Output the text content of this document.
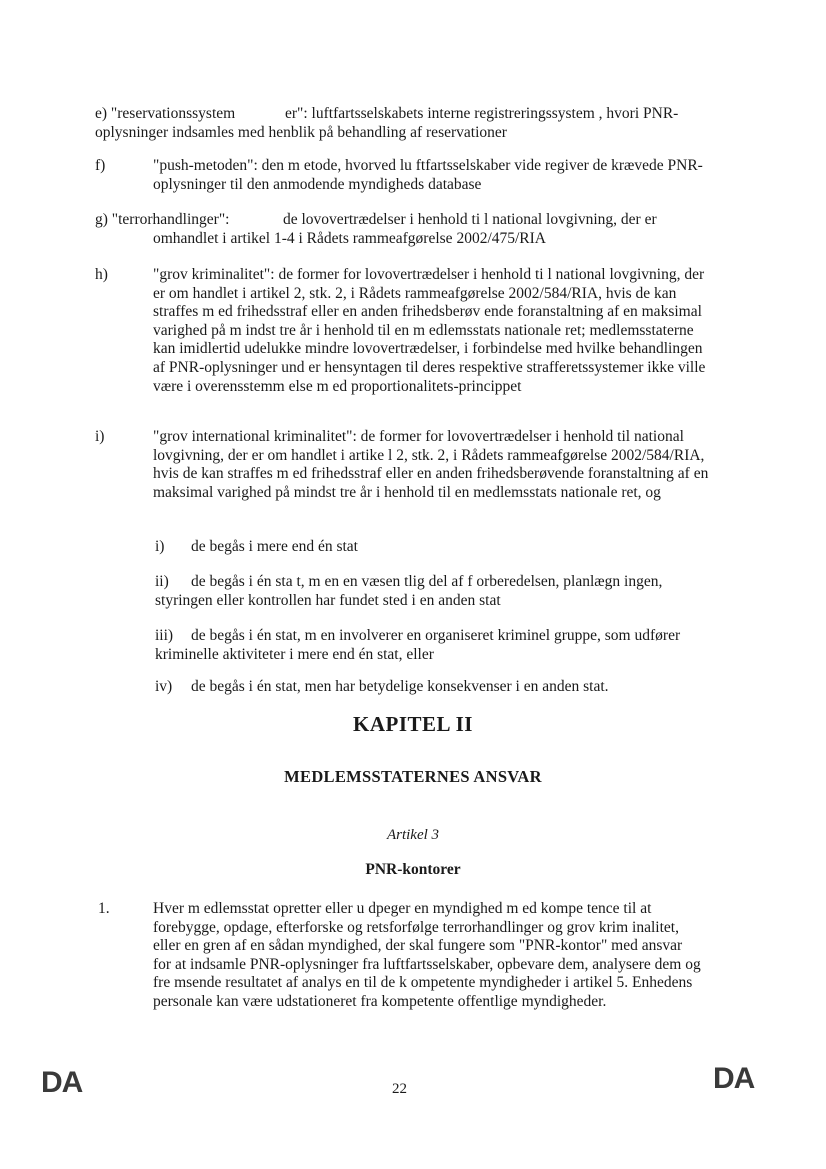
e) "reservationssystem	er": luftfartsselskabets interne registreringssystem , hvori PNR-oplysninger indsamles med henblik på behandling af reservationer
f)	"push-metoden": den m etode, hvorved lu ftfartsselskaber vide regiver de krævede PNR-oplysninger til den anmodende myndigheds database
g) "terrorhandlinger":	de lovovertrædelser i henhold ti l national lovgivning, der er omhandlet i artikel 1-4 i Rådets rammeafgørelse 2002/475/RIA
h)	"grov kriminalitet": de former for lovovertrædelser i henhold ti l national lovgivning, der er om handlet i artikel 2, stk. 2, i Rådets rammeafgørelse 2002/584/RIA, hvis de kan straffes m ed frihedsstraf eller en anden frihedsberøv ende foranstaltning af en maksimal varighed på m indst tre år i henhold til en m edlemsstats nationale ret; medlemsstaterne kan imidlertid udelukke mindre lovovertrædelser, i forbindelse med hvilke behandlingen af PNR-oplysninger und er hensyntagen til deres respektive strafferetssystemer ikke ville være i overensstemm else m ed proportionalitets-princippet
i)	"grov international kriminalitet": de former for lovovertrædelser i henhold til national lovgivning, der er om handlet i artike l 2, stk. 2, i Rådets rammeafgørelse 2002/584/RIA, hvis de kan straffes m ed frihedsstraf eller en anden frihedsberøvende foranstaltning af en maksimal varighed på mindst tre år i henhold til en medlemsstats nationale ret, og
i) de begås i mere end én stat
ii)	de begås i én sta t, m en en væsen tlig del af f orberedelsen, planlægn ingen, styringen eller kontrollen har fundet sted i en anden stat
iii)	de begås i én stat, m en involverer en organiseret kriminel gruppe, som udfører kriminelle aktiviteter i mere end én stat, eller
iv) de begås i én stat, men har betydelige konsekvenser i en anden stat.
KAPITEL II
MEDLEMSSTATERNES ANSVAR
Artikel 3
PNR-kontorer
1.	Hver m edlemsstat opretter eller u dpeger en myndighed m ed kompe tence til at forebygge, opdage, efterforske og retsforfølge terrorhandlinger og grov krim inalitet, eller en gren af en sådan myndighed, der skal fungere som "PNR-kontor" med ansvar for at indsamle PNR-oplysninger fra luftfartsselskaber, opbevare dem, analysere dem og fre msende resultatet af analys en til de k ompetente myndigheder i artikel 5. Enhedens personale kan være udstationeret fra kompetente offentlige myndigheder.
DA	22	DA
